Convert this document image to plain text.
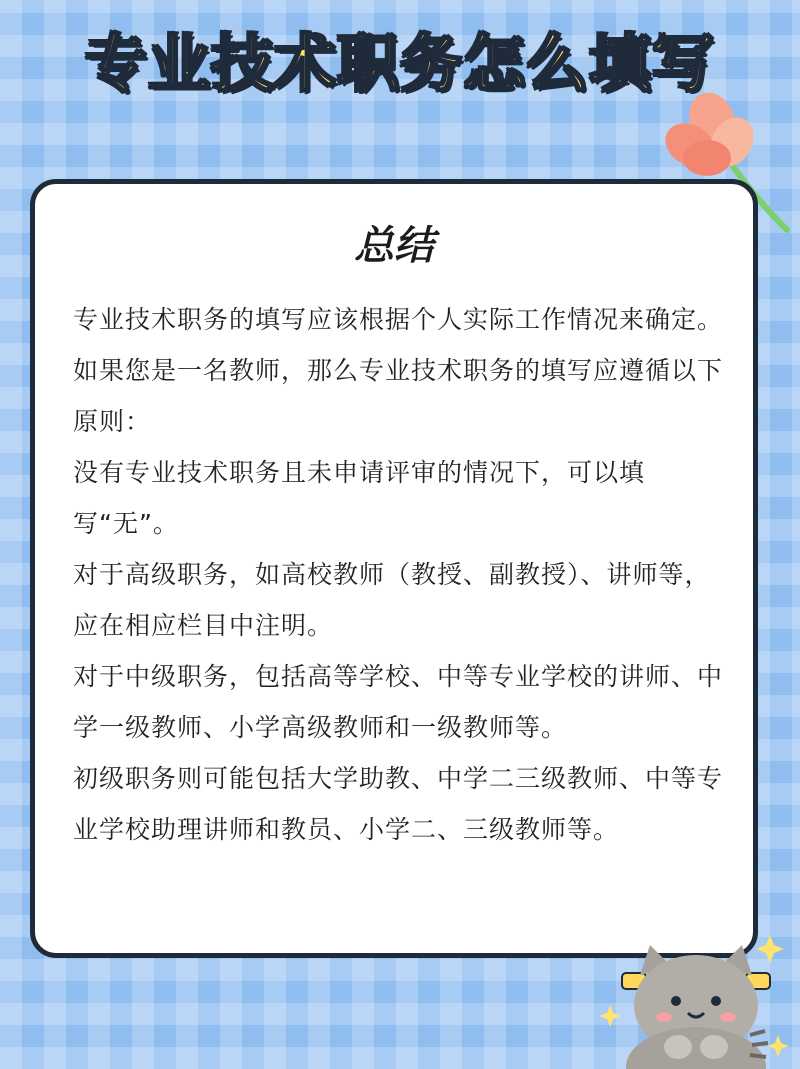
专业技术职务怎么填写
总结

专业技术职务的填写应该根据个人实际工作情况来确定。如果您是一名教师，那么专业技术职务的填写应遵循以下原则：

没有专业技术职务且未申请评审的情况下，可以填写“无”。

对于高级职务，如高校教师（教授、副教授）、讲师等，应在相应栏目中注明。

对于中级职务，包括高等学校、中等专业学校的讲师、中学一级教师、小学高级教师和一级教师等。

初级职务则可能包括大学助教、中学二三级教师、中等专业学校助理讲师和教员、小学二、三级教师等。
